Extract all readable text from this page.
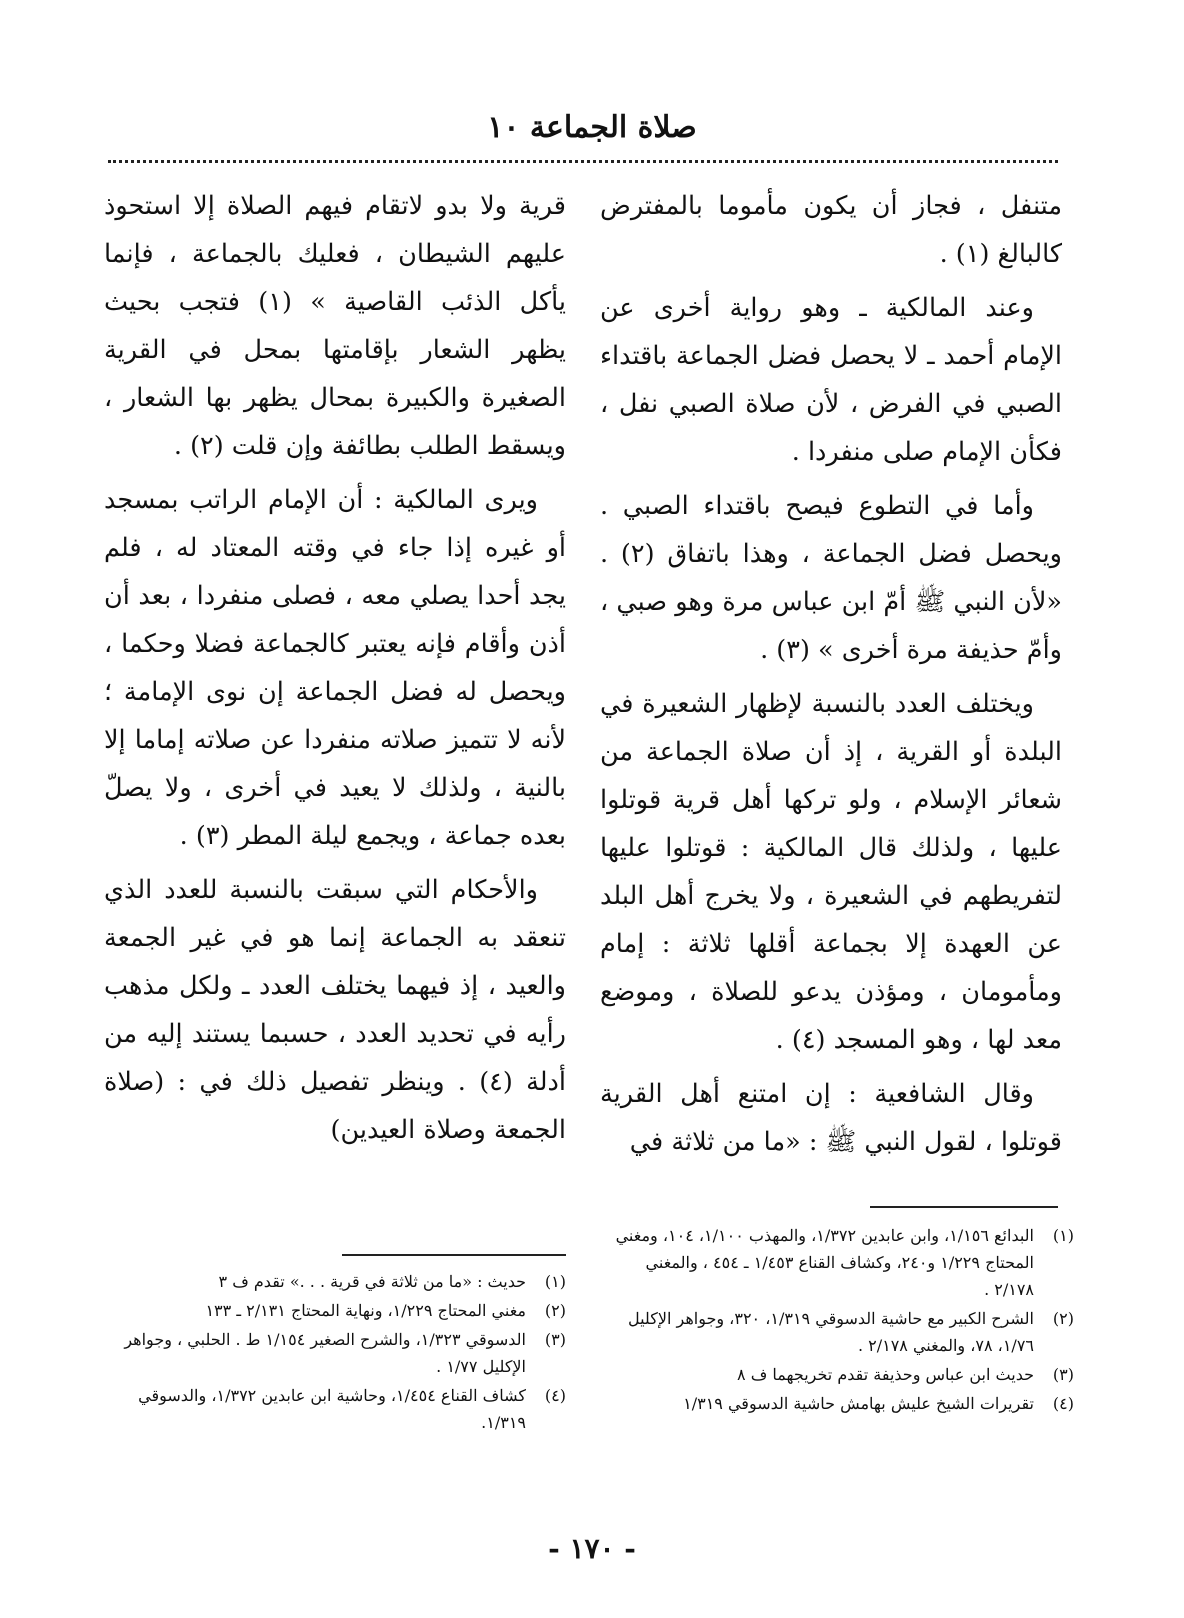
صلاة الجماعة ١٠

متنفل ، فجاز أن يكون مأموما بالمفترض كالبالغ (١) .

وعند المالكية ـ وهو رواية أخرى عن الإمام أحمد ـ لا يحصل فضل الجماعة باقتداء الصبي في الفرض ، لأن صلاة الصبي نفل ، فكأن الإمام صلى منفردا .

وأما في التطوع فيصح باقتداء الصبي . ويحصل فضل الجماعة ، وهذا باتفاق (٢) . «لأن النبي ﷺ أمّ ابن عباس مرة وهو صبي ، وأمّ حذيفة مرة أخرى » (٣) .

ويختلف العدد بالنسبة لإظهار الشعيرة في البلدة أو القرية ، إذ أن صلاة الجماعة من شعائر الإسلام ، ولو تركها أهل قرية قوتلوا عليها ، ولذلك قال المالكية : قوتلوا عليها لتفريطهم في الشعيرة ، ولا يخرج أهل البلد عن العهدة إلا بجماعة أقلها ثلاثة : إمام ومأمومان ، ومؤذن يدعو للصلاة ، وموضع معد لها ، وهو المسجد (٤) .

وقال الشافعية : إن امتنع أهل القرية قوتلوا ، لقول النبي ﷺ : «ما من ثلاثة في

قرية ولا بدو لاتقام فيهم الصلاة إلا استحوذ عليهم الشيطان ، فعليك بالجماعة ، فإنما يأكل الذئب القاصية » (١) فتجب بحيث يظهر الشعار بإقامتها بمحل في القرية الصغيرة والكبيرة بمحال يظهر بها الشعار ، ويسقط الطلب بطائفة وإن قلت (٢) .

ويرى المالكية : أن الإمام الراتب بمسجد أو غيره إذا جاء في وقته المعتاد له ، فلم يجد أحدا يصلي معه ، فصلى منفردا ، بعد أن أذن وأقام فإنه يعتبر كالجماعة فضلا وحكما ، ويحصل له فضل الجماعة إن نوى الإمامة ؛ لأنه لا تتميز صلاته منفردا عن صلاته إماما إلا بالنية ، ولذلك لا يعيد في أخرى ، ولا يصلّ بعده جماعة ، ويجمع ليلة المطر (٣) .

والأحكام التي سبقت بالنسبة للعدد الذي تنعقد به الجماعة إنما هو في غير الجمعة والعيد ، إذ فيهما يختلف العدد ـ ولكل مذهب رأيه في تحديد العدد ، حسبما يستند إليه من أدلة (٤) . وينظر تفصيل ذلك في : (صلاة الجمعة وصلاة العيدين)

(١)
البدائع ١/١٥٦، وابن عابدين ١/٣٧٢، والمهذب ١/١٠٠، ١٠٤، ومغني المحتاج ١/٢٢٩ و٢٤٠، وكشاف القناع ١/٤٥٣ ـ ٤٥٤ ، والمغني ٢/١٧٨ .
(٢)
الشرح الكبير مع حاشية الدسوقي ١/٣١٩، ٣٢٠، وجواهر الإكليل ١/٧٦، ٧٨، والمغني ٢/١٧٨ .
(٣)
حديث ابن عباس وحذيفة تقدم تخريجهما ف ٨
(٤)
تقريرات الشيخ عليش بهامش حاشية الدسوقي ١/٣١٩
(١)
حديث : «ما من ثلاثة في قرية . . .» تقدم ف ٣
(٢)
مغني المحتاج ١/٢٢٩، ونهاية المحتاج ٢/١٣١ ـ ١٣٣
(٣)
الدسوقي ١/٣٢٣، والشرح الصغير ١/١٥٤ ط . الحلبي ، وجواهر الإكليل ١/٧٧ .
(٤)
كشاف القناع ١/٤٥٤، وحاشية ابن عابدين ١/٣٧٢، والدسوقي ١/٣١٩.
- ١٧٠ -
